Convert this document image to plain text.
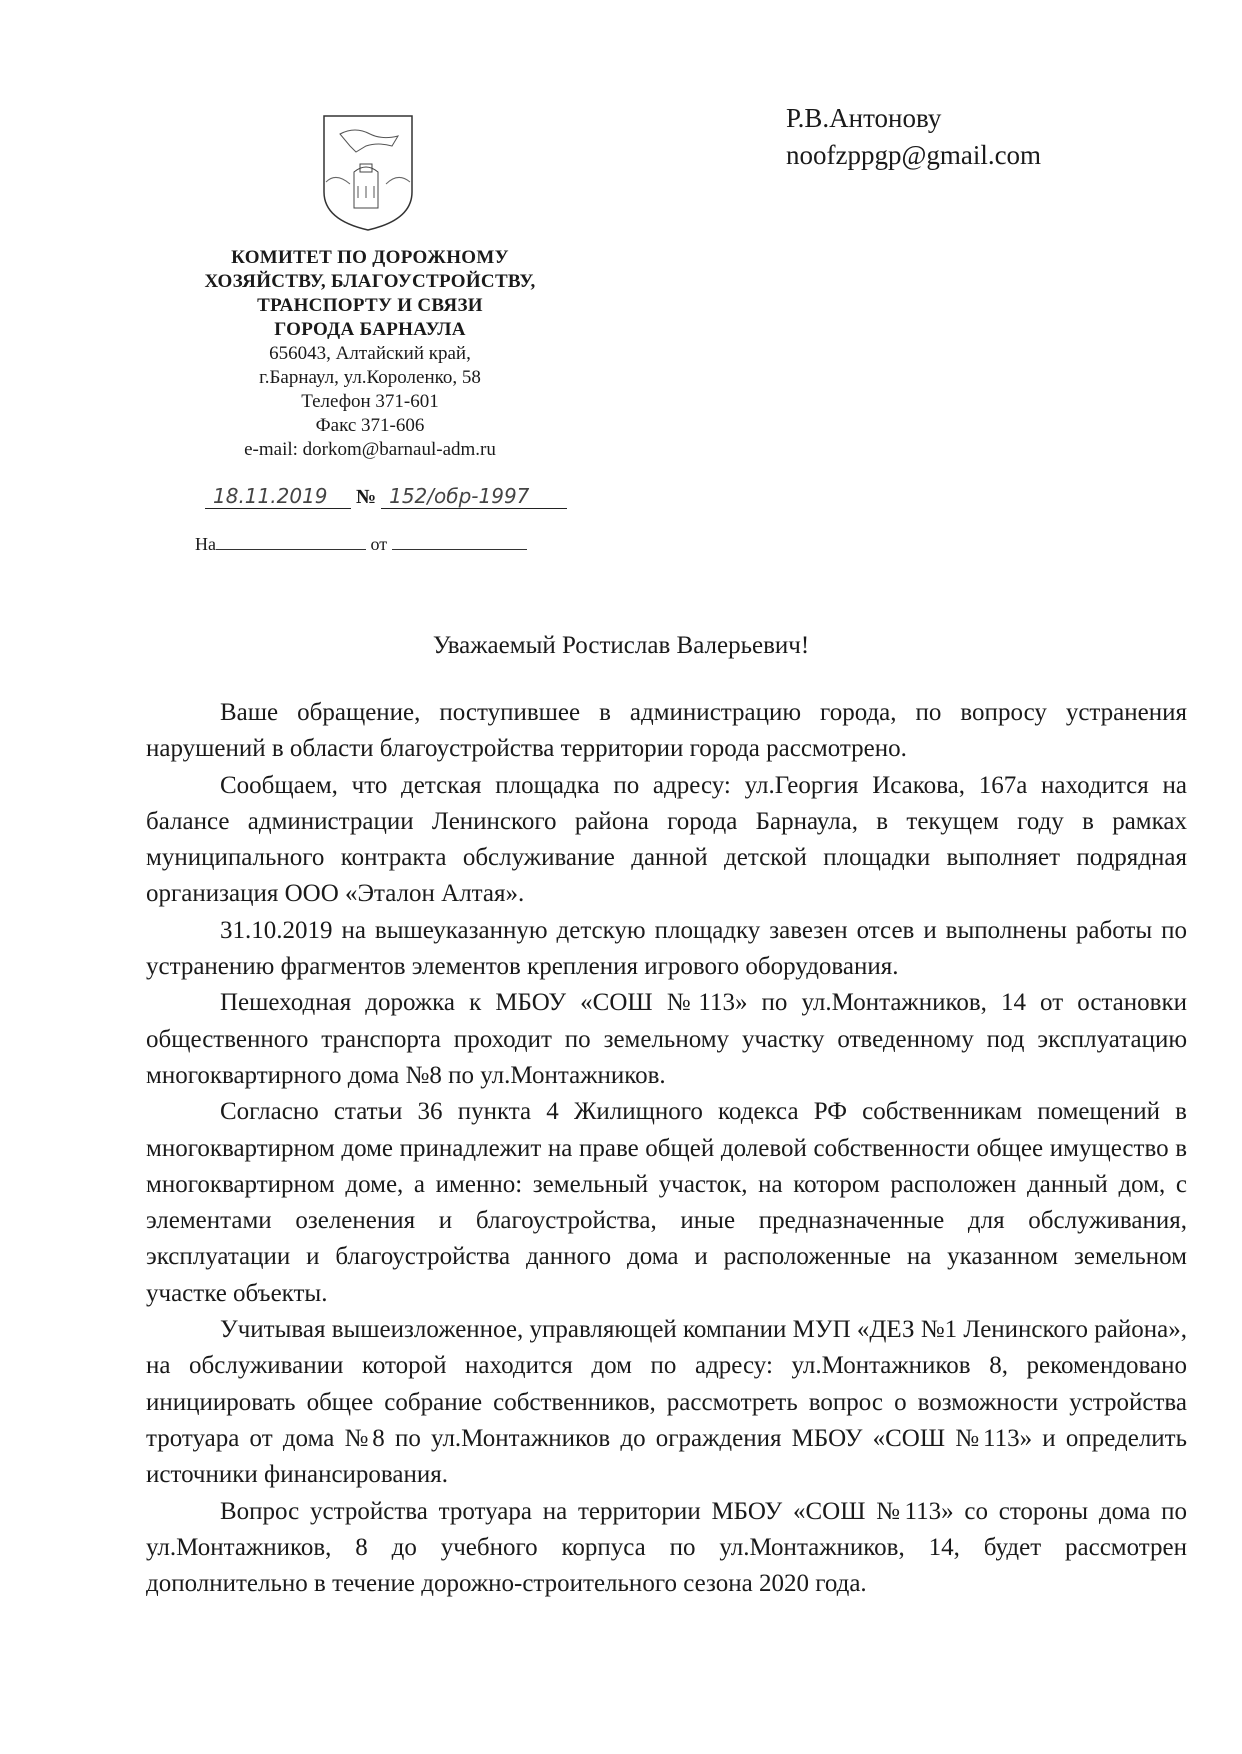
Р.В.Антонову
noofzppgp@gmail.com
КОМИТЕТ ПО ДОРОЖНОМУ
ХОЗЯЙСТВУ, БЛАГОУСТРОЙСТВУ,
ТРАНСПОРТУ И СВЯЗИ
ГОРОДА БАРНАУЛА
656043, Алтайский край,
г.Барнаул, ул.Короленко, 58
Телефон 371-601
Факс 371-606
e-mail: dorkom@barnaul-adm.ru
18.11.2019 № 152/обр-1997
На	от
Уважаемый Ростислав Валерьевич!

Ваше обращение, поступившее в администрацию города, по вопросу устранения нарушений в области благоустройства территории города рассмотрено.

Сообщаем, что детская площадка по адресу: ул.Георгия Исакова, 167а находится на балансе администрации Ленинского района города Барнаула, в текущем году в рамках муниципального контракта обслуживание данной детской площадки выполняет подрядная организация ООО «Эталон Алтая».

31.10.2019 на вышеуказанную детскую площадку завезен отсев и выполнены работы по устранению фрагментов элементов крепления игрового оборудования.

Пешеходная дорожка к МБОУ «СОШ №113» по ул.Монтажников, 14 от остановки общественного транспорта проходит по земельному участку отведенному под эксплуатацию многоквартирного дома №8 по ул.Монтажников.

Согласно статьи 36 пункта 4 Жилищного кодекса РФ собственникам помещений в многоквартирном доме принадлежит на праве общей долевой собственности общее имущество в многоквартирном доме, а именно: земельный участок, на котором расположен данный дом, с элементами озеленения и благоустройства, иные предназначенные для обслуживания, эксплуатации и благоустройства данного дома и расположенные на указанном земельном участке объекты.

Учитывая вышеизложенное, управляющей компании МУП «ДЕЗ №1 Ленинского района», на обслуживании которой находится дом по адресу: ул.Монтажников 8, рекомендовано инициировать общее собрание собственников, рассмотреть вопрос о возможности устройства тротуара от дома №8 по ул.Монтажников до ограждения МБОУ «СОШ №113» и определить источники финансирования.

Вопрос устройства тротуара на территории МБОУ «СОШ №113» со стороны дома по ул.Монтажников, 8 до учебного корпуса по ул.Монтажников, 14, будет рассмотрен дополнительно в течение дорожно-строительного сезона 2020 года.
